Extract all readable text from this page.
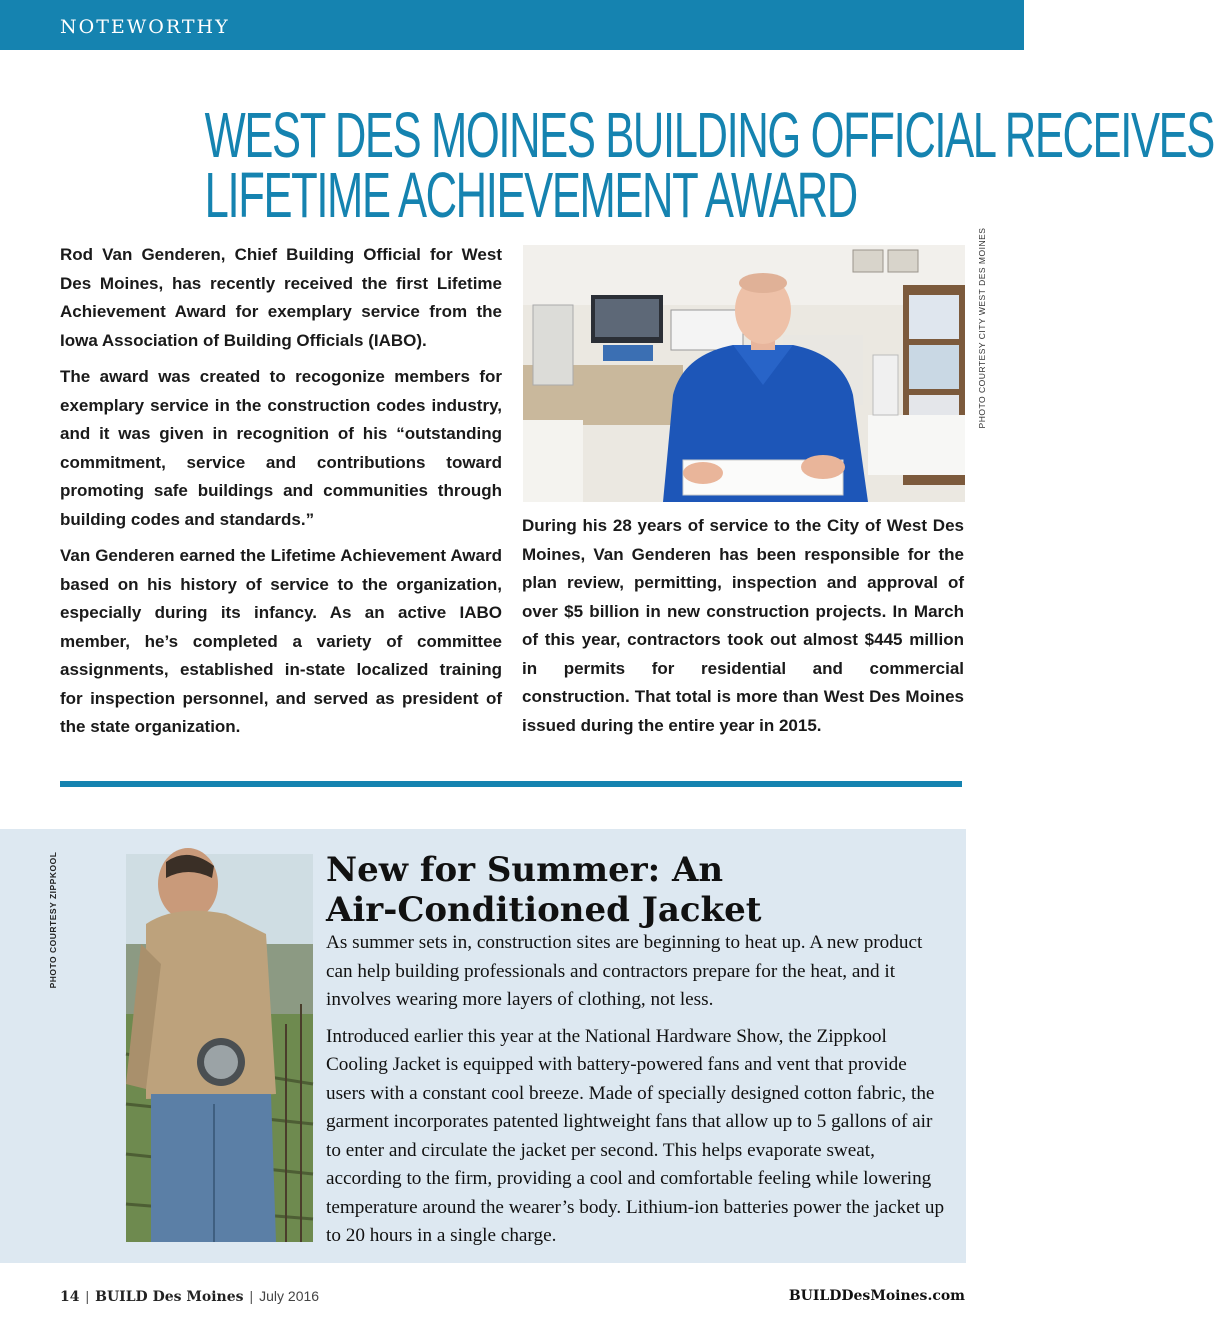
NOTEWORTHY
WEST DES MOINES BUILDING OFFICIAL RECEIVES
LIFETIME ACHIEVEMENT AWARD

Rod Van Genderen, Chief Building Official for West Des Moines, has recently received the first Lifetime Achievement Award for exemplary service from the Iowa Association of Building Officials (IABO).

The award was created to recogonize members for exemplary service in the construction codes industry, and it was given in recognition of his “outstanding commitment, service and contributions toward promoting safe buildings and communities through building codes and standards.”

Van Genderen earned the Lifetime Achievement Award based on his history of service to the organization, especially during its infancy. As an active IABO member, he’s completed a variety of committee assignments, established in-state localized training for inspection personnel, and served as president of the state organization.

PHOTO COURTESY CITY WEST DES MOINES

During his 28 years of service to the City of West Des Moines, Van Genderen has been responsible for the plan review, permitting, inspection and approval of over $5 billion in new construction projects. In March of this year, contractors took out almost $445 million in permits for residential and commercial construction. That total is more than West Des Moines issued during the entire year in 2015.

PHOTO COURTESY ZIPPKOOL	New for Summer: An
Air-Conditioned Jacket

As summer sets in, construction sites are beginning to heat up. A new product can help building professionals and contractors prepare for the heat, and it involves wearing more layers of clothing, not less.

Introduced earlier this year at the National Hardware Show, the Zippkool Cooling Jacket is equipped with battery-powered fans and vent that provide users with a constant cool breeze. Made of specially designed cotton fabric, the garment incorporates patented lightweight fans that allow up to 5 gallons of air to enter and circulate the jacket per second. This helps evaporate sweat, according to the firm, providing a cool and comfortable feeling while lowering temperature around the wearer’s body. Lithium-ion batteries power the jacket up to 20 hours in a single charge.

14 | BUILD Des Moines | July 2016	BUILDDesMoines.com
